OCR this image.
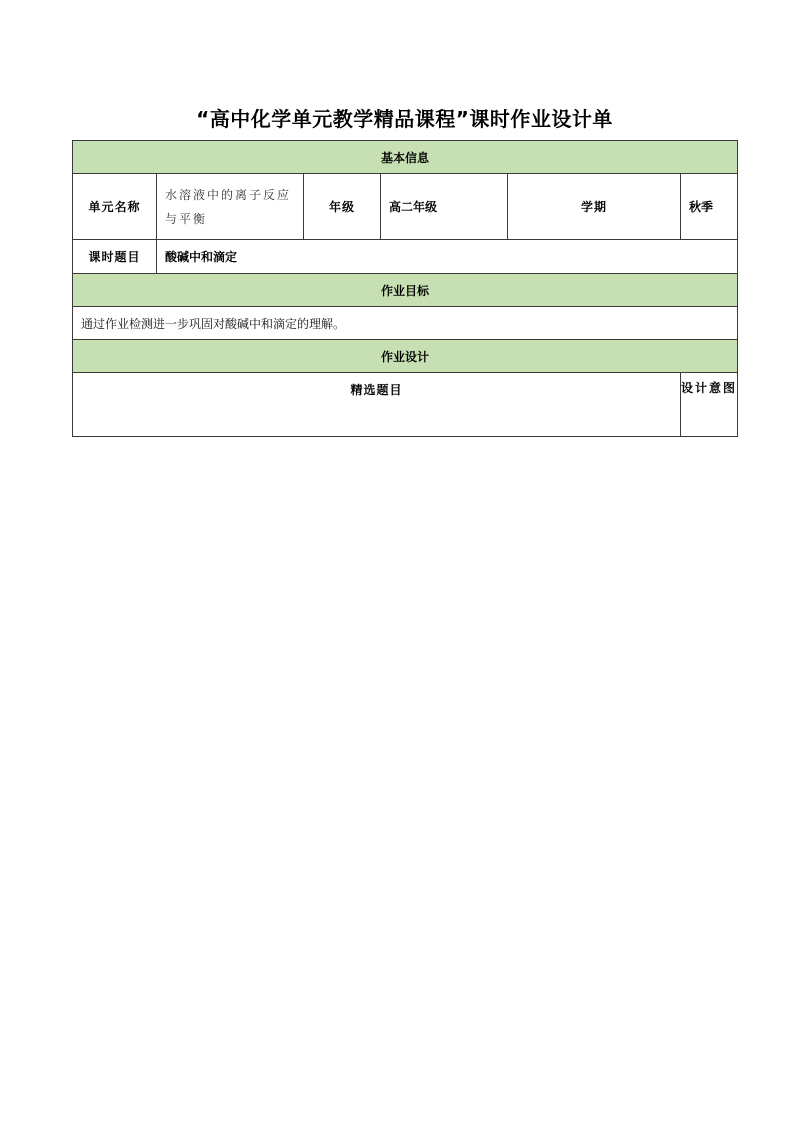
“高中化学单元教学精品课程”课时作业设计单
基本信息					
单元名称	水溶液中的离子反应与平衡	年级	高二年级	学期	秋季
课时题目	酸碱中和滴定				
作业目标					
通过作业检测进一步巩固对酸碱中和滴定的理解。					
作业设计					
精选题目					设计意图
